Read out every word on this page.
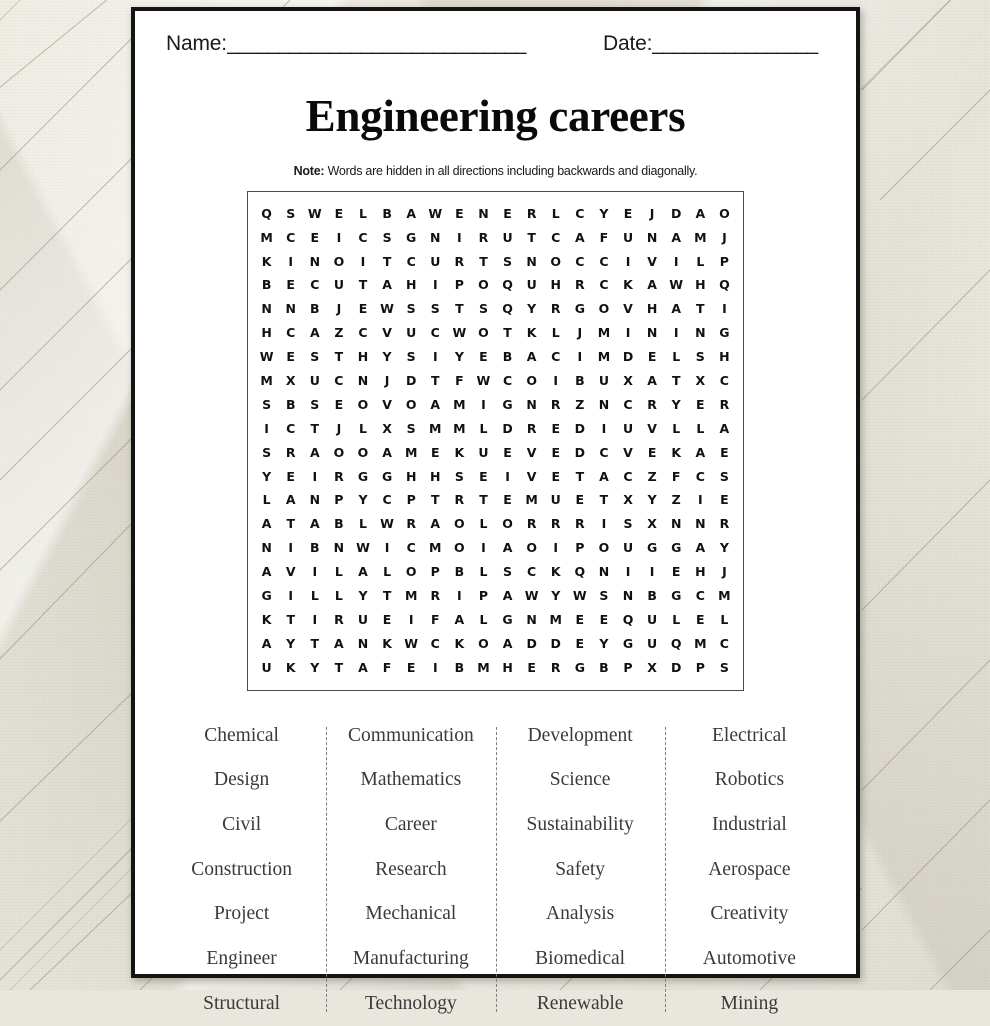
Name: _____________________________	Date: ________________
Engineering careers
Note: Words are hidden in all directions including backwards and diagonally.
Q	S	W	E	L	B	A	W	E	N	E	R	L	C	Y	E	J	D	A	O
M	C	E	I	C	S	G	N	I	R	U	T	C	A	F	U	N	A	M	J
K	I	N	O	I	T	C	U	R	T	S	N	O	C	C	I	V	I	L	P
B	E	C	U	T	A	H	I	P	O	Q	U	H	R	C	K	A	W	H	Q
N	N	B	J	E	W	S	S	T	S	Q	Y	R	G	O	V	H	A	T	I
H	C	A	Z	C	V	U	C	W	O	T	K	L	J	M	I	N	I	N	G
W	E	S	T	H	Y	S	I	Y	E	B	A	C	I	M	D	E	L	S	H
M	X	U	C	N	J	D	T	F	W	C	O	I	B	U	X	A	T	X	C
S	B	S	E	O	V	O	A	M	I	G	N	R	Z	N	C	R	Y	E	R
I	C	T	J	L	X	S	M	M	L	D	R	E	D	I	U	V	L	L	A
S	R	A	O	O	A	M	E	K	U	E	V	E	D	C	V	E	K	A	E
Y	E	I	R	G	G	H	H	S	E	I	V	E	T	A	C	Z	F	C	S
L	A	N	P	Y	C	P	T	R	T	E	M	U	E	T	X	Y	Z	I	E
A	T	A	B	L	W	R	A	O	L	O	R	R	R	I	S	X	N	N	R
N	I	B	N	W	I	C	M	O	I	A	O	I	P	O	U	G	G	A	Y
A	V	I	L	A	L	O	P	B	L	S	C	K	Q	N	I	I	E	H	J
G	I	L	L	Y	T	M	R	I	P	A	W	Y	W	S	N	B	G	C	M
K	T	I	R	U	E	I	F	A	L	G	N	M	E	E	Q	U	L	E	L
A	Y	T	A	N	K	W	C	K	O	A	D	D	E	Y	G	U	Q	M	C
U	K	Y	T	A	F	E	I	B	M	H	E	R	G	B	P	X	D	P	S
Chemical
Design
Civil
Construction
Project
Engineer
Structural
Communication
Mathematics
Career
Research
Mechanical
Manufacturing
Technology
Development
Science
Sustainability
Safety
Analysis
Biomedical
Renewable
Electrical
Robotics
Industrial
Aerospace
Creativity
Automotive
Mining
